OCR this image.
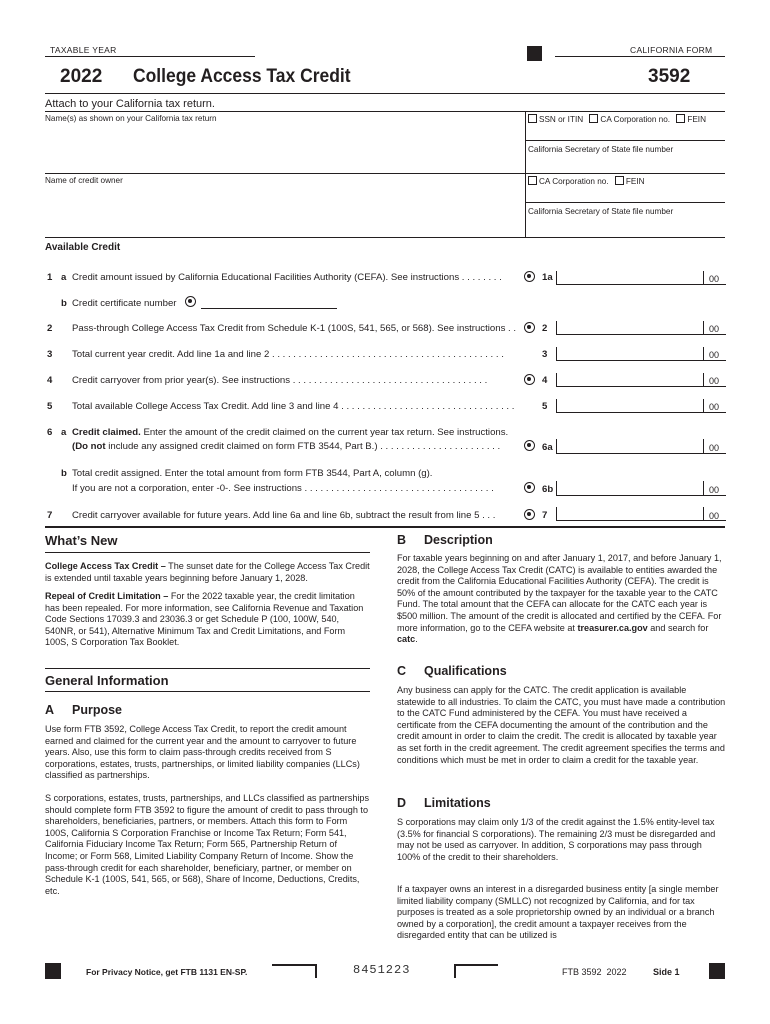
TAXABLE YEAR	CALIFORNIA FORM
2022 College Access Tax Credit	3592
Attach to your California tax return.
Name(s) as shown on your California tax return	SSN or ITIN CA Corporation no. FEIN
California Secretary of State file number
Name of credit owner	CA Corporation no. FEIN
California Secretary of State file number
Available Credit
1 a Credit amount issued by California Educational Facilities Authority (CEFA). See instructions . . . . . . . .	1a	00
b Credit certificate number
2 Pass-through College Access Tax Credit from Schedule K-1 (100S, 541, 565, or 568). See instructions . .	2	00
3 Total current year credit. Add line 1a and line 2 . . . . . . . . . . . . . . . . . . . . . . . . . . . . . . . . . . . . . . . . . . . .	3	00
4 Credit carryover from prior year(s). See instructions . . . . . . . . . . . . . . . . . . . . . . . . . . . . . . . . . . . . .	4	00
5 Total available College Access Tax Credit. Add line 3 and line 4 . . . . . . . . . . . . . . . . . . . . . . . . . . . . . . . . .	5	00
6 a Credit claimed. Enter the amount of the credit claimed on the current year tax return. See instructions.
(Do not include any assigned credit claimed on form FTB 3544, Part B.) . . . . . . . . . . . . . . . . . . . . . . .	6a	00
b Total credit assigned. Enter the total amount from form FTB 3544, Part A, column (g).
If you are not a corporation, enter -0-. See instructions . . . . . . . . . . . . . . . . . . . . . . . . . . . . . . . . . . . .	6b	00
7 Credit carryover available for future years. Add line 6a and line 6b, subtract the result from line 5 . . .	7	00
What’s New
College Access Tax Credit – The sunset date for the College Access Tax Credit is extended until taxable years beginning before January 1, 2028.
Repeal of Credit Limitation – For the 2022 taxable year, the credit limitation has been repealed. For more information, see California Revenue and Taxation Code Sections 17039.3 and 23036.3 or get Schedule P (100, 100W, 540, 540NR, or 541), Alternative Minimum Tax and Credit Limitations, and Form 100S, S Corporation Tax Booklet.
General Information
A Purpose
Use form FTB 3592, College Access Tax Credit, to report the credit amount earned and claimed for the current year and the amount to carryover to future years. Also, use this form to claim pass-through credits received from S corporations, estates, trusts, partnerships, or limited liability companies (LLCs) classified as partnerships.
S corporations, estates, trusts, partnerships, and LLCs classified as partnerships should complete form FTB 3592 to figure the amount of credit to pass through to shareholders, beneficiaries, partners, or members. Attach this form to Form 100S, California S Corporation Franchise or Income Tax Return; Form 541, California Fiduciary Income Tax Return; Form 565, Partnership Return of Income; or Form 568, Limited Liability Company Return of Income. Show the pass-through credit for each shareholder, beneficiary, partner, or member on Schedule K-1 (100S, 541, 565, or 568), Share of Income, Deductions, Credits, etc.
B Description
For taxable years beginning on and after January 1, 2017, and before January 1, 2028, the College Access Tax Credit (CATC) is available to entities awarded the credit from the California Educational Facilities Authority (CEFA). The credit is 50% of the amount contributed by the taxpayer for the taxable year to the CATC Fund. The total amount that the CEFA can allocate for the CATC each year is $500 million. The amount of the credit is allocated and certified by the CEFA. For more information, go to the CEFA website at treasurer.ca.gov and search for catc.
C Qualifications
Any business can apply for the CATC. The credit application is available statewide to all industries. To claim the CATC, you must have made a contribution to the CATC Fund administered by the CEFA. You must have received a certificate from the CEFA documenting the amount of the contribution and the credit amount in order to claim the credit. The credit is allocated by taxable year as set forth in the credit agreement. The credit agreement specifies the terms and conditions which must be met in order to claim a credit for the taxable year.
D Limitations
S corporations may claim only 1/3 of the credit against the 1.5% entity-level tax (3.5% for financial S corporations). The remaining 2/3 must be disregarded and may not be used as carryover. In addition, S corporations may pass through 100% of the credit to their shareholders.
If a taxpayer owns an interest in a disregarded business entity [a single member limited liability company (SMLLC) not recognized by California, and for tax purposes is treated as a sole proprietorship owned by an individual or a branch owned by a corporation], the credit amount a taxpayer receives from the disregarded entity that can be utilized is
For Privacy Notice, get FTB 1131 EN-SP.	8451223	FTB 3592  2022	Side 1
